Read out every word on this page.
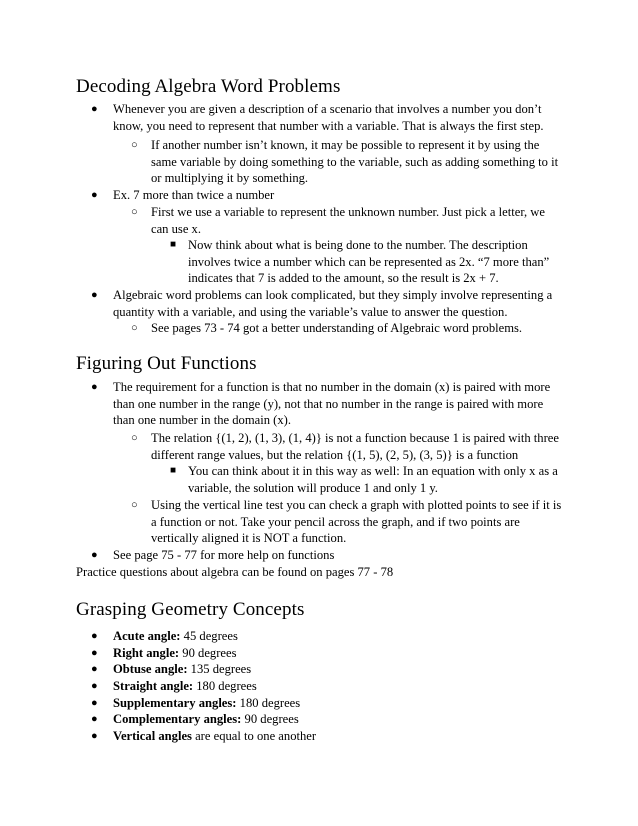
Decoding Algebra Word Problems
● Whenever you are given a description of a scenario that involves a number you don’t know, you need to represent that number with a variable. That is always the first step.

○ If another number isn’t known, it may be possible to represent it by using the same variable by doing something to the variable, such as adding something to it or multiplying it by something.

● Ex. 7 more than twice a number

○ First we use a variable to represent the unknown number. Just pick a letter, we can use x.

■ Now think about what is being done to the number. The description involves twice a number which can be represented as 2x. “7 more than” indicates that 7 is added to the amount, so the result is 2x + 7.

● Algebraic word problems can look complicated, but they simply involve representing a quantity with a variable, and using the variable’s value to answer the question.

○ See pages 73 - 74 got a better understanding of Algebraic word problems.

Figuring Out Functions
● The requirement for a function is that no number in the domain (x) is paired with more than one number in the range (y), not that no number in the range is paired with more than one number in the domain (x).

○ The relation {(1, 2), (1, 3), (1, 4)} is not a function because 1 is paired with three different range values, but the relation {(1, 5), (2, 5), (3, 5)} is a function

■ You can think about it in this way as well: In an equation with only x as a variable, the solution will produce 1 and only 1 y.

○ Using the vertical line test you can check a graph with plotted points to see if it is a function or not. Take your pencil across the graph, and if two points are vertically aligned it is NOT a function.

● See page 75 - 77 for more help on functions

Practice questions about algebra can be found on pages 77 - 78

Grasping Geometry Concepts
● Acute angle: 45 degrees

● Right angle: 90 degrees

● Obtuse angle: 135 degrees

● Straight angle: 180 degrees

● Supplementary angles: 180 degrees

● Complementary angles: 90 degrees

● Vertical angles are equal to one another
